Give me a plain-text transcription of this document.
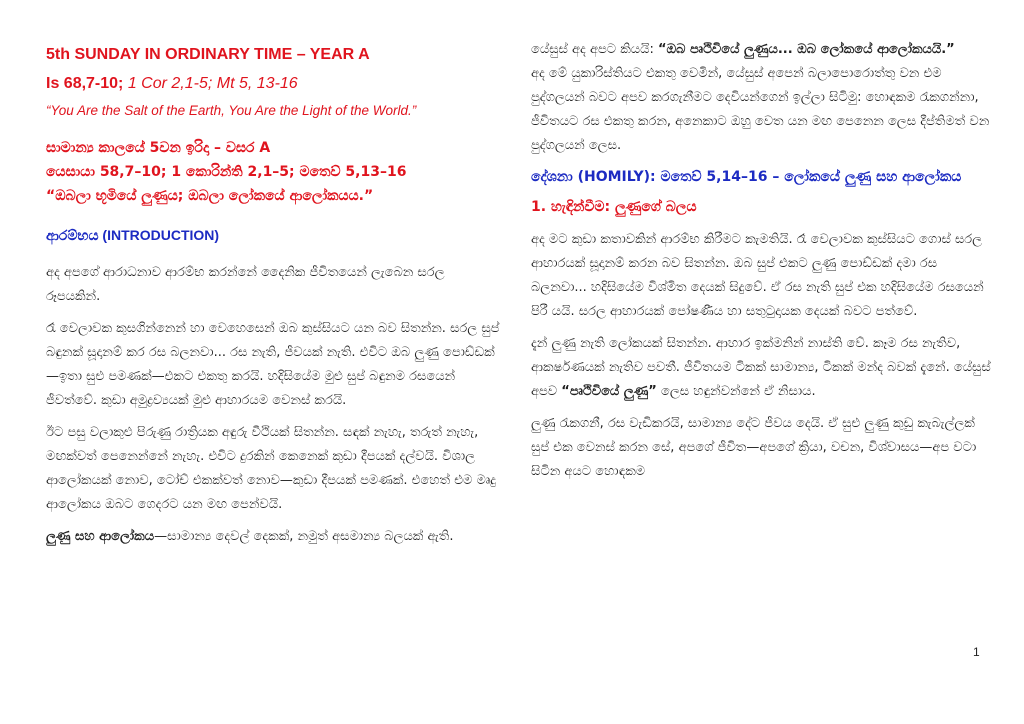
5th SUNDAY IN ORDINARY TIME – YEAR A
Is 68,7-10; 1 Cor 2,1-5; Mt 5, 13-16
“You Are the Salt of the Earth, You Are the Light of the World.”
සාමාන්‍ය කාලයේ 5වන ඉරිදා – වසර A
යෙසායා 58,7–10; 1 කොරින්ති 2,1–5; මතෙව් 5,13–16
“ඔබලා භූමියේ ලුණුය; ඔබලා ලෝකයේ ආලෝකයය.”
ආරම්භය (INTRODUCTION)

අද අපගේ ආරාධනාව ආරම්භ කරන්නේ දෛනික ජීවිතයෙන් ලැබෙන සරල රූපයකින්.

රෑ වෙලාවක කුසගින්නෙන් හා වෙහෙසෙන් ඔබ කුස්සියට යන බව සිතන්න. සරල සුප් බඳුනක් සූදානම් කර රස බලනවා... රස නැති, ජීවයක් නැති. එවිට ඔබ ලුණු පොඩ්ඩක්—ඉතා සුළු පමණක්—එකට එකතු කරයි. හදිසියේම මුළු සුප් බඳුනම රසයෙන් ජීවත්වේ. කුඩා අමුද්‍රව්‍යයක් මුළු ආහාරයම වෙනස් කරයි.

ඊට පසු වලාකුළු පිරුණු රාත්‍රියක අඳුරු වීථියක් සිතන්න. සඳක් නැහැ, තරුත් නැහැ, මඟක්වත් පෙනෙන්නේ නැහැ. එවිට දුරකින් කෙනෙක් කුඩා දීපයක් දල්වයි. විශාල ආලෝකයක් නොව, ටෝච් එකක්වත් නොව—කුඩා දීපයක් පමණක්. එහෙත් එම මෘදු ආලෝකය ඔබට ගෙදරට යන මඟ පෙන්වයි.

ලුණු සහ ආලෝකය—සාමාන්‍ය දෙවල් දෙකක්, නමුත් අසමාන්‍ය බලයක් ඇති.

යේසුස් අද අපට කියයි: “ඔබ පෘථිවියේ ලුණුය... ඔබ ලෝකයේ ආලෝකයයි.”
අද මේ යුකාරිස්තියට එකතු වෙමින්, යේසුස් අපෙන් බලාපොරොත්තු වන එම පුද්ගලයන් බවට අපව කරගැනීමට දෙවියන්ගෙන් ඉල්ලා සිටිමු: හොඳකම රැකගන්නා, ජීවිතයට රස එකතු කරන, අනෙකාට ඔහු වෙත යන මඟ පෙනෙන ලෙස දීප්තිමත් වන පුද්ගලයන් ලෙස.

දේශනා (HOMILY): මතෙව් 5,14–16 – ලෝකයේ ලුණු සහ ආලෝකය
1. හැඳින්වීම: ලුණුගේ බලය

අද මට කුඩා කතාවකින් ආරම්භ කිරීමට කැමතියි. රෑ වෙලාවක කුස්සියට ගොස් සරල ආහාරයක් සූදානම් කරන බව සිතන්න. ඔබ සුප් එකට ලුණු පොඩ්ඩක් දමා රස බලනවා... හදිසියේම විශ්මිත දෙයක් සිදුවේ. ඒ රස නැති සුප් එක හදිසියේම රසයෙන් පිරී යයි. සරල ආහාරයක් පෝෂණීය හා සතුටුදායක දෙයක් බවට පත්වේ.

දැන් ලුණු නැති ලෝකයක් සිතන්න. ආහාර ඉක්මනින් නාස්ති වේ. කෑම රස නැතිව, ආකර්ෂණයක් නැතිව පවතී. ජීවිතයම ටිකක් සාමාන්‍ය, ටිකක් මන්ද බවක් දැනේ. යේසුස් අපව “පෘථිවියේ ලුණු” ලෙස හඳුන්වන්නේ ඒ නිසාය.

ලුණු රැකගනී, රස වැඩිකරයි, සාමාන්‍ය දේට ජීවය දෙයි. ඒ සුළු ලුණු කුඩු කැබැල්ලක් සුප් එක වෙනස් කරන සේ, අපගේ ජීවිත—අපගේ ක්‍රියා, වචන, විශ්වාසය—අප වටා සිටින අයට හොඳකම

1
